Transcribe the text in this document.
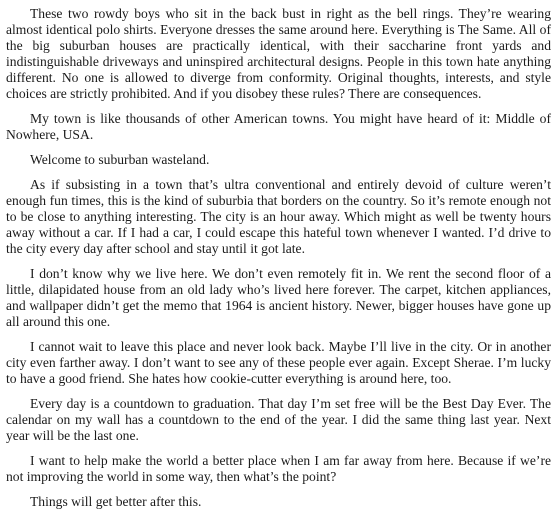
These two rowdy boys who sit in the back bust in right as the bell rings. They’re wearing almost identical polo shirts. Everyone dresses the same around here. Everything is The Same. All of the big suburban houses are practically identical, with their saccharine front yards and indistinguishable driveways and uninspired architectural designs. People in this town hate anything different. No one is allowed to diverge from conformity. Original thoughts, interests, and style choices are strictly prohibited. And if you disobey these rules? There are consequences.

My town is like thousands of other American towns. You might have heard of it: Middle of Nowhere, USA.

Welcome to suburban wasteland.

As if subsisting in a town that’s ultra conventional and entirely devoid of culture weren’t enough fun times, this is the kind of suburbia that borders on the country. So it’s remote enough not to be close to anything interesting. The city is an hour away. Which might as well be twenty hours away without a car. If I had a car, I could escape this hateful town whenever I wanted. I’d drive to the city every day after school and stay until it got late.

I don’t know why we live here. We don’t even remotely fit in. We rent the second floor of a little, dilapidated house from an old lady who’s lived here forever. The carpet, kitchen appliances, and wallpaper didn’t get the memo that 1964 is ancient history. Newer, bigger houses have gone up all around this one.

I cannot wait to leave this place and never look back. Maybe I’ll live in the city. Or in another city even farther away. I don’t want to see any of these people ever again. Except Sherae. I’m lucky to have a good friend. She hates how cookie-cutter everything is around here, too.

Every day is a countdown to graduation. That day I’m set free will be the Best Day Ever. The calendar on my wall has a countdown to the end of the year. I did the same thing last year. Next year will be the last one.

I want to help make the world a better place when I am far away from here. Because if we’re not improving the world in some way, then what’s the point?

Things will get better after this.
